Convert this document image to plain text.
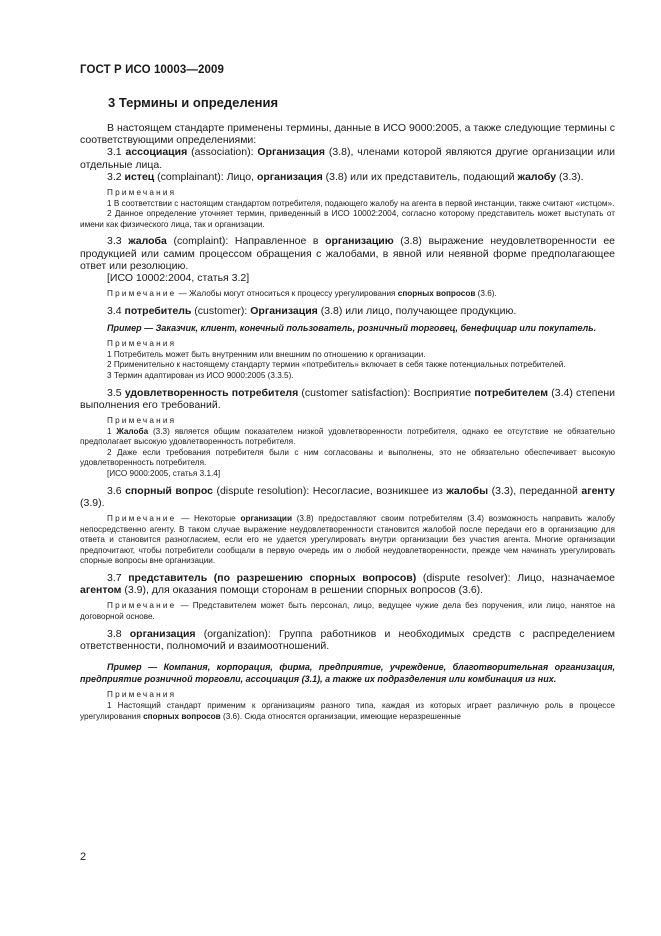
ГОСТ Р ИСО 10003—2009
3 Термины и определения

В настоящем стандарте применены термины, данные в ИСО 9000:2005, а также следующие термины с соответствующими определениями:

3.1 ассоциация (association): Организация (3.8), членами которой являются другие организации или отдельные лица.

3.2 истец (complainant): Лицо, организация (3.8) или их представитель, подающий жалобу (3.3).

Примечания

1 В соответствии с настоящим стандартом потребителя, подающего жалобу на агента в первой инстанции, также считают «истцом».

2 Данное определение уточняет термин, приведенный в ИСО 10002:2004, согласно которому представитель может выступать от имени как физического лица, так и организации.

3.3 жалоба (complaint): Направленное в организацию (3.8) выражение неудовлетворенности ее продукцией или самим процессом обращения с жалобами, в явной или неявной форме предполагающее ответ или резолюцию.

[ИСО 10002:2004, статья 3.2]

Примечание — Жалобы могут относиться к процессу урегулирования спорных вопросов (3.6).

3.4 потребитель (customer): Организация (3.8) или лицо, получающее продукцию.

Пример — Заказчик, клиент, конечный пользователь, розничный торговец, бенефициар или покупатель.

Примечания

1 Потребитель может быть внутренним или внешним по отношению к организации.

2 Применительно к настоящему стандарту термин «потребитель» включает в себя также потенциальных потребителей.

3 Термин адаптирован из ИСО 9000:2005 (3.3.5).

3.5 удовлетворенность потребителя (customer satisfaction): Восприятие потребителем (3.4) степени выполнения его требований.

Примечания

1 Жалоба (3.3) является общим показателем низкой удовлетворенности потребителя, однако ее отсутствие не обязательно предполагает высокую удовлетворенность потребителя.

2 Даже если требования потребителя были с ним согласованы и выполнены, это не обязательно обеспечивает высокую удовлетворенность потребителя.

[ИСО 9000:2005, статья 3.1.4]

3.6 спорный вопрос (dispute resolution): Несогласие, возникшее из жалобы (3.3), переданной агенту (3.9).

Примечание — Некоторые организации (3.8) предоставляют своим потребителям (3.4) возможность направить жалобу непосредственно агенту. В таком случае выражение неудовлетворенности становится жалобой после передачи его в организацию для ответа и становится разногласием, если его не удается урегулировать внутри организации без участия агента. Многие организации предпочитают, чтобы потребители сообщали в первую очередь им о любой неудовлетворенности, прежде чем начинать урегулировать спорные вопросы вне организации.

3.7 представитель (по разрешению спорных вопросов) (dispute resolver): Лицо, назначаемое агентом (3.9), для оказания помощи сторонам в решении спорных вопросов (3.6).

Примечание — Представителем может быть персонал, лицо, ведущее чужие дела без поручения, или лицо, нанятое на договорной основе.

3.8 организация (organization): Группа работников и необходимых средств с распределением ответственности, полномочий и взаимоотношений.

Пример — Компания, корпорация, фирма, предприятие, учреждение, благотворительная организация, предприятие розничной торговли, ассоциация (3.1), а также их подразделения или комбинация из них.

Примечания

1 Настоящий стандарт применим к организациям разного типа, каждая из которых играет различную роль в процессе урегулирования спорных вопросов (3.6). Сюда относятся организации, имеющие неразрешенные

2
